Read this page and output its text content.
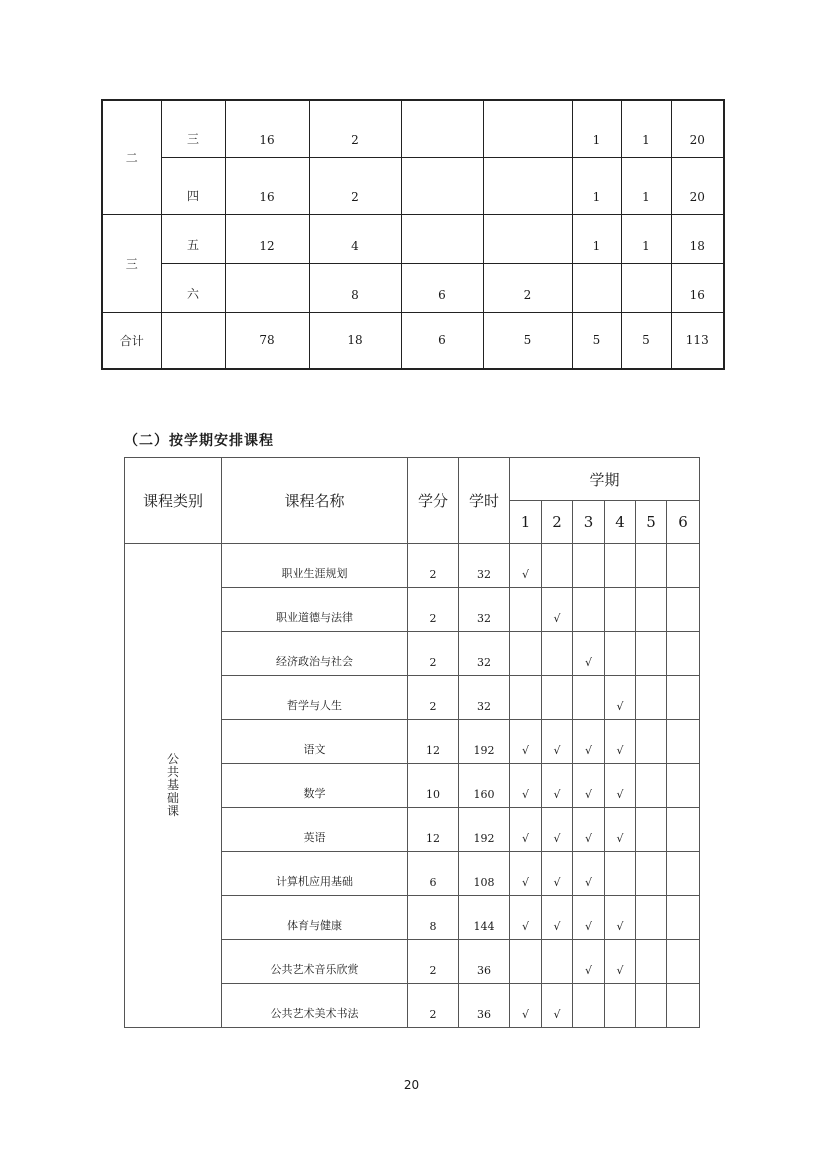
二	三	16	2			1	1	20
	四	16	2			1	1	20
三	五	12	4			1	1	18
	六		8	6	2			16
合计		78	18	6	5	5	5	113
（二）按学期安排课程
课程类别	课程名称	学分	学时	学期					
				1	2	3	4	5	6
公共基础课	职业生涯规划	2	32	√					
	职业道德与法律	2	32		√				
	经济政治与社会	2	32			√			
	哲学与人生	2	32				√		
	语文	12	192	√	√	√	√		
	数学	10	160	√	√	√	√		
	英语	12	192	√	√	√	√		
	计算机应用基础	6	108	√	√	√			
	体育与健康	8	144	√	√	√	√		
	公共艺术音乐欣赏	2	36			√	√		
	公共艺术美术书法	2	36	√	√				
20
